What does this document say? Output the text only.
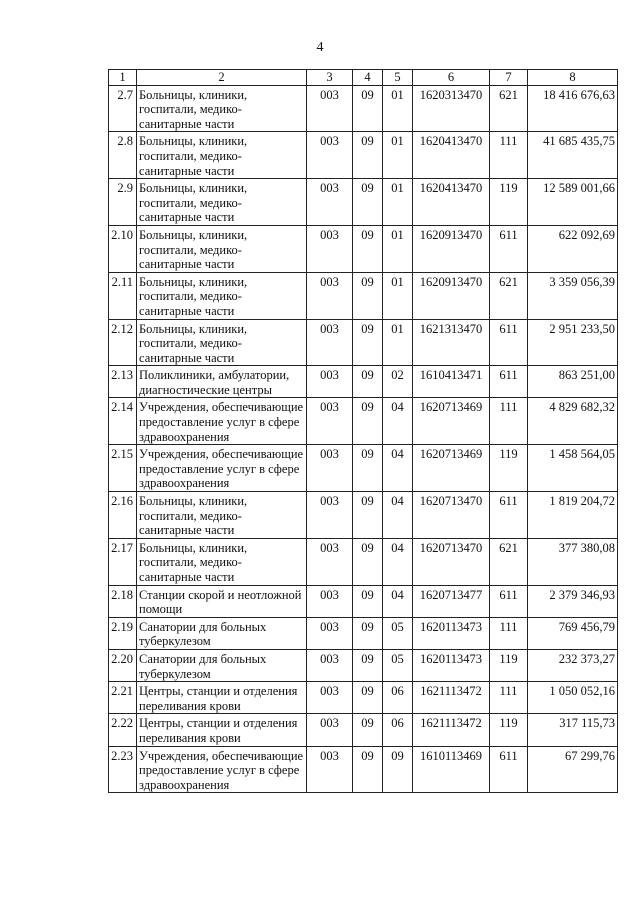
4
1	2	3	4	5	6	7	8
2.7	Больницы, клиники, госпитали, медико-санитарные части	003	09	01	1620313470	621	18 416 676,63
2.8	Больницы, клиники, госпитали, медико-санитарные части	003	09	01	1620413470	111	41 685 435,75
2.9	Больницы, клиники, госпитали, медико-санитарные части	003	09	01	1620413470	119	12 589 001,66
2.10	Больницы, клиники, госпитали, медико-санитарные части	003	09	01	1620913470	611	622 092,69
2.11	Больницы, клиники, госпитали, медико-санитарные части	003	09	01	1620913470	621	3 359 056,39
2.12	Больницы, клиники, госпитали, медико-санитарные части	003	09	01	1621313470	611	2 951 233,50
2.13	Поликлиники, амбулатории, диагностические центры	003	09	02	1610413471	611	863 251,00
2.14	Учреждения, обеспечивающие предоставление услуг в сфере здравоохранения	003	09	04	1620713469	111	4 829 682,32
2.15	Учреждения, обеспечивающие предоставление услуг в сфере здравоохранения	003	09	04	1620713469	119	1 458 564,05
2.16	Больницы, клиники, госпитали, медико-санитарные части	003	09	04	1620713470	611	1 819 204,72
2.17	Больницы, клиники, госпитали, медико-санитарные части	003	09	04	1620713470	621	377 380,08
2.18	Станции скорой и неотложной помощи	003	09	04	1620713477	611	2 379 346,93
2.19	Санатории для больных туберкулезом	003	09	05	1620113473	111	769 456,79
2.20	Санатории для больных туберкулезом	003	09	05	1620113473	119	232 373,27
2.21	Центры, станции и отделения переливания крови	003	09	06	1621113472	111	1 050 052,16
2.22	Центры, станции и отделения переливания крови	003	09	06	1621113472	119	317 115,73
2.23	Учреждения, обеспечивающие предоставление услуг в сфере здравоохранения	003	09	09	1610113469	611	67 299,76
